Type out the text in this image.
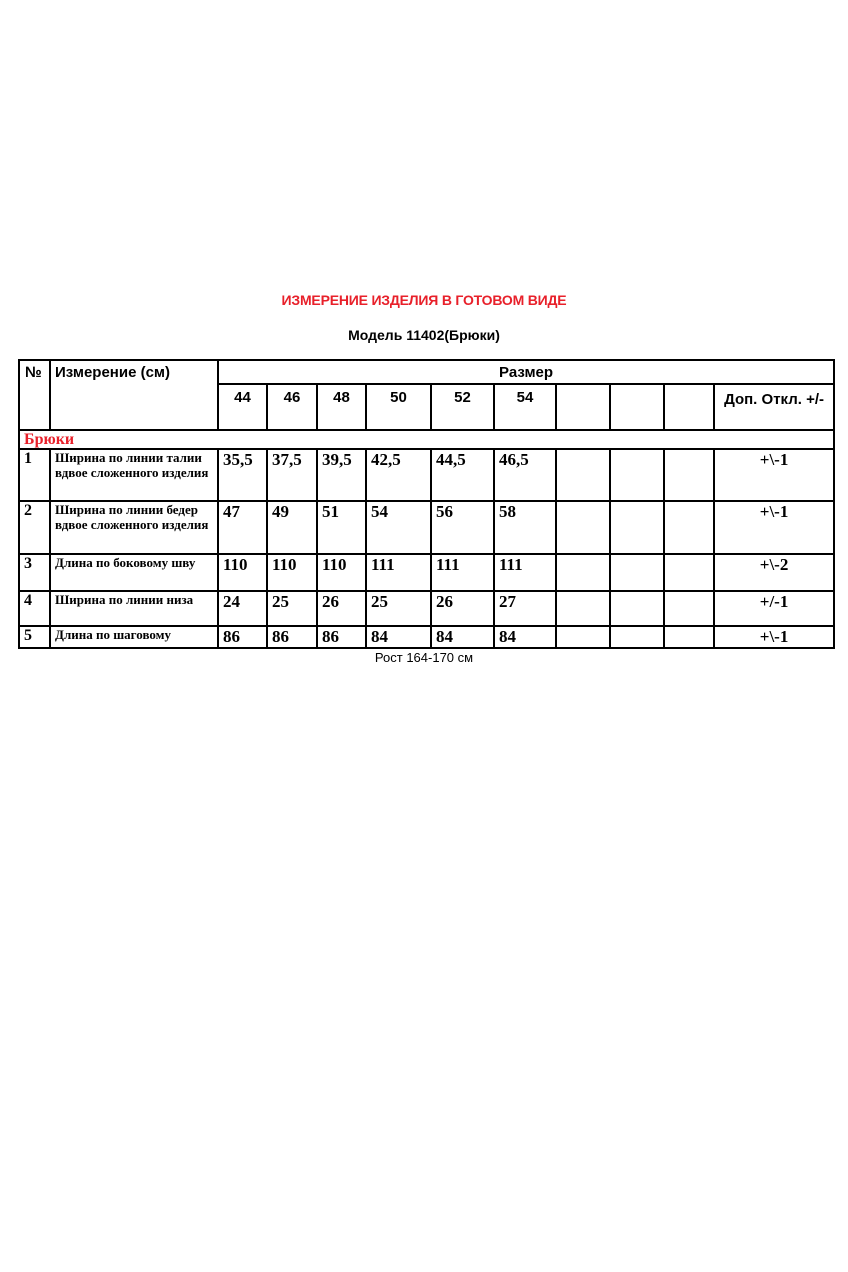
ИЗМЕРЕНИЕ ИЗДЕЛИЯ В ГОТОВОМ ВИДЕ
Модель 11402(Брюки)
№	Измерение (см)	Размер									
		44	46	48	50	52	54				Доп. Откл. +/-
Брюки											
1	Ширина по линии талии вдвое сложенного изделия	35,5	37,5	39,5	42,5	44,5	46,5				+\-1
2	Ширина по линии бедер вдвое сложенного изделия	47	49	51	54	56	58				+\-1
3	Длина по боковому шву	110	110	110	111	111	111				+\-2
4	Ширина по линии низа	24	25	26	25	26	27				+/-1
5	Длина по шаговому	86	86	86	84	84	84				+\-1
Рост 164-170 см
